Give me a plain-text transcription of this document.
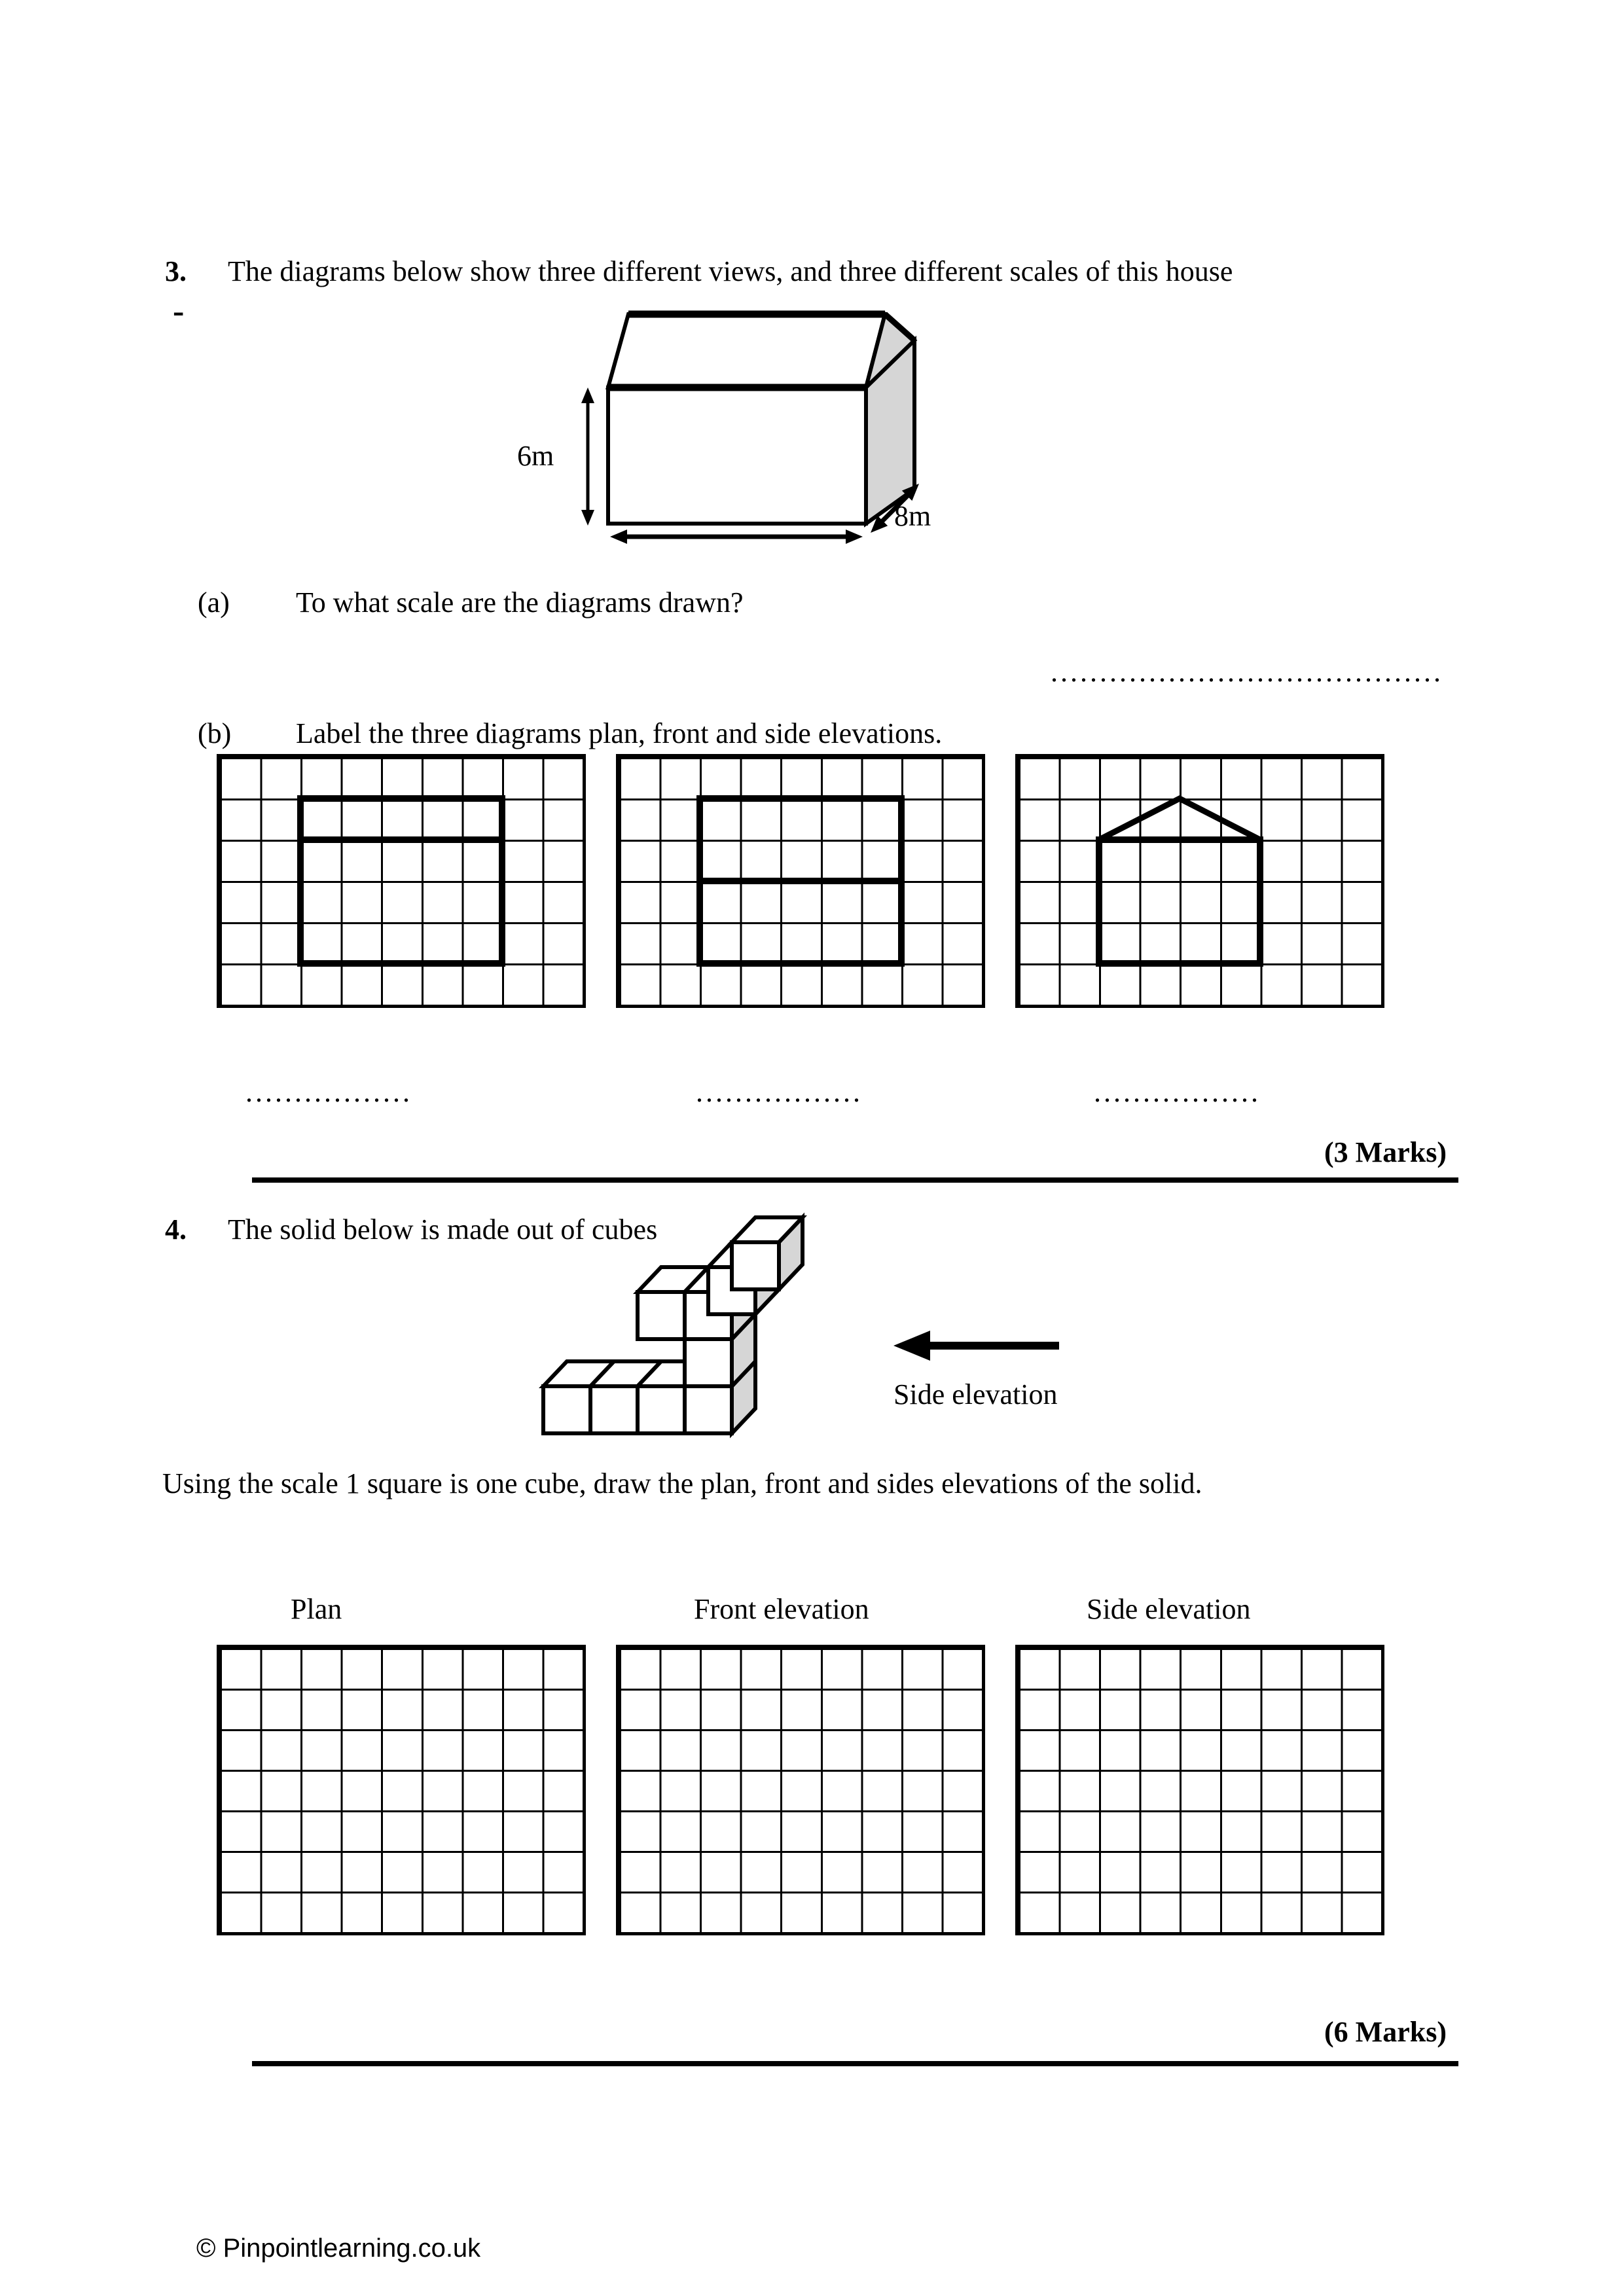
3. The diagrams below show three different views, and three different scales of this house
-
6m
8m
(a) To what scale are the diagrams drawn?
........................................
(b) Label the three diagrams plan, front and side elevations.
.................	.................	.................
(3 Marks)
4. The solid below is made out of cubes
Side elevation
Using the scale 1 square is one cube, draw the plan, front and sides elevations of the solid.
Plan	Front elevation	Side elevation
(6 Marks)
© Pinpointlearning.co.uk
